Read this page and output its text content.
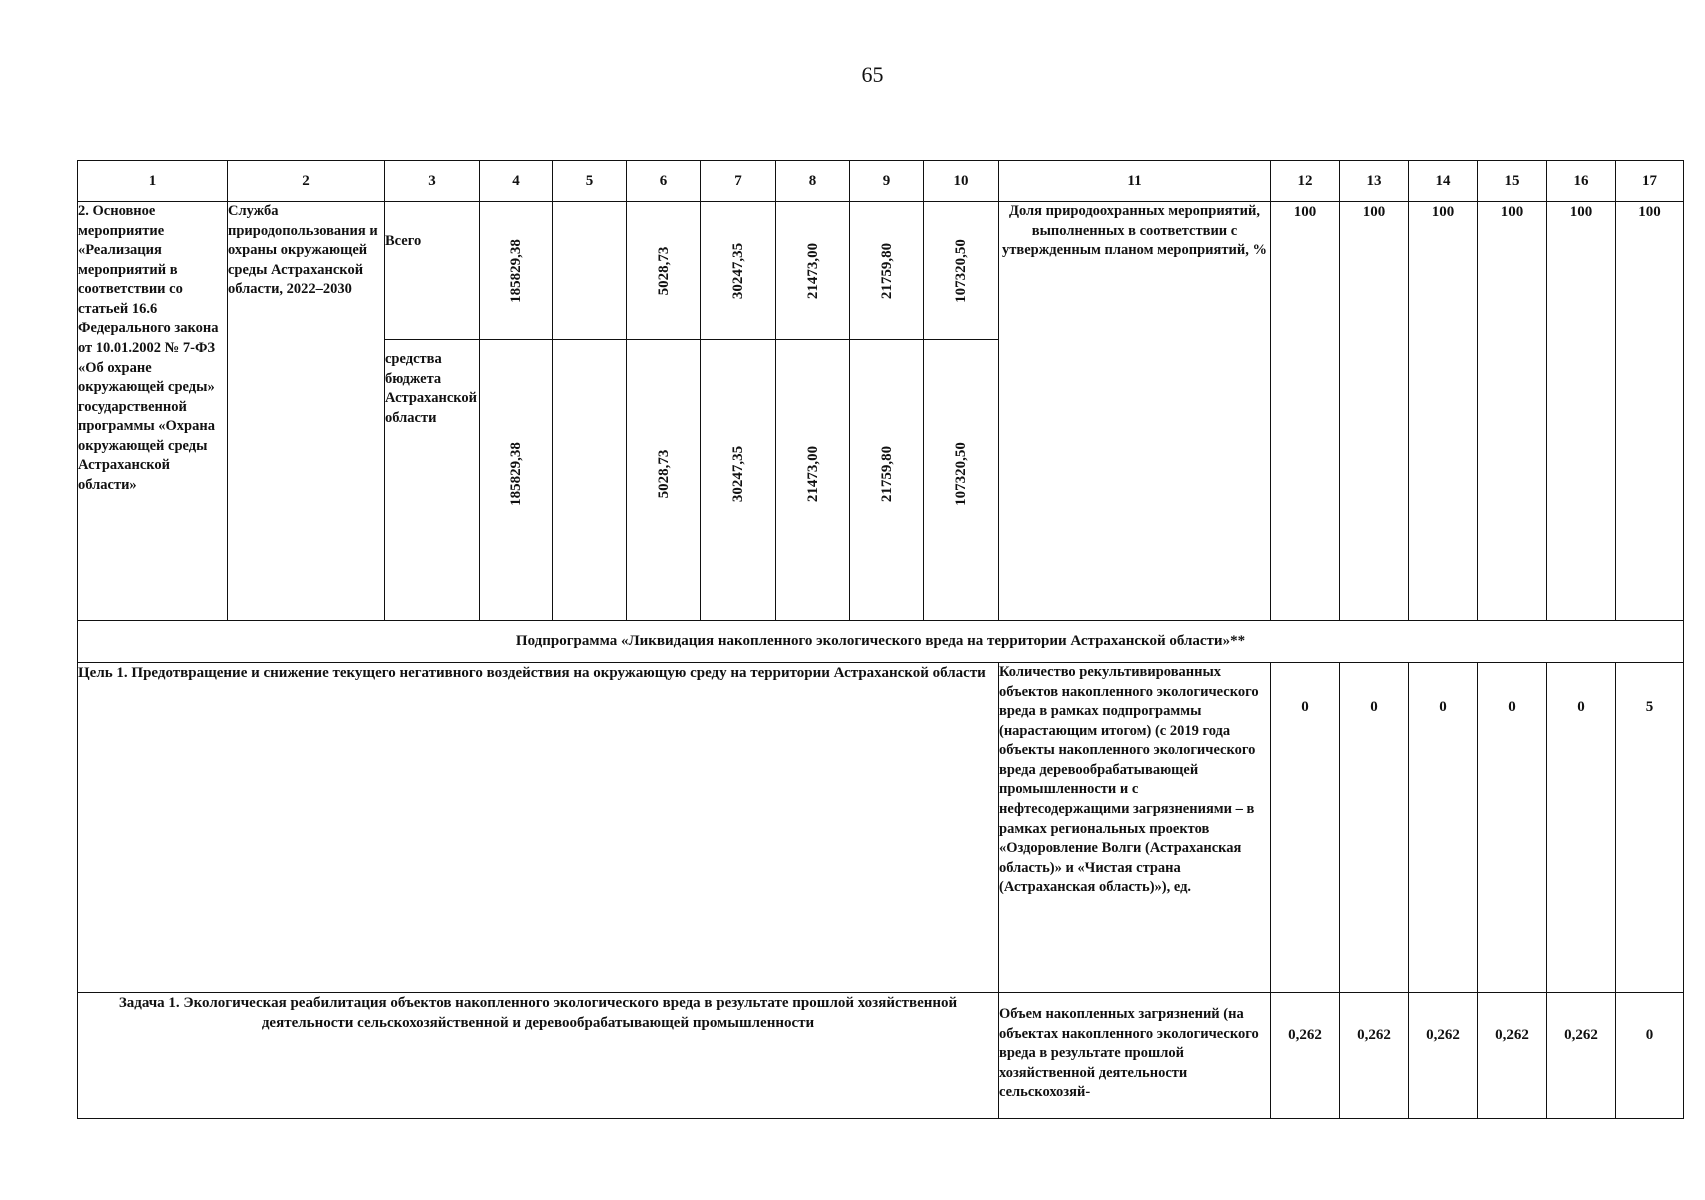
65
1	2	3	4	5	6	7	8	9	10	11	12	13	14	15	16	17
2. Основное мероприятие «Реализация мероприятий в соответствии со статьей 16.6 Федерального закона от 10.01.2002 № 7-ФЗ «Об охране окружающей среды» государственной программы «Охрана окружающей среды Астраханской области»	Служба природопользования и охраны окружающей среды Астраханской области, 2022–2030	Всего	185829,38		5028,73	30247,35	21473,00	21759,80	107320,50	Доля природоохранных мероприятий, выполненных в соответствии с утвержденным планом мероприятий, %	100	100	100	100	100	100
		средства бюджета Астраханской области	185829,38		5028,73	30247,35	21473,00	21759,80	107320,50							

Подпрограмма «Ликвидация накопленного экологического вреда на территории Астраханской области»**																
Цель 1. Предотвращение и снижение текущего негативного воздействия на окружающую среду на территории Астраханской области										Количество рекультивированных объектов накопленного экологического вреда в рамках подпрограммы (нарастающим итогом) (с 2019 года объекты накопленного экологического вреда деревообрабатывающей промышленности и с нефтесодержащими загрязнениями – в рамках региональных проектов «Оздоровление Волги (Астраханская область)» и «Чистая страна (Астраханская область)»), ед.	0	0	0	0	0	5
Задача 1. Экологическая реабилитация объектов накопленного экологического вреда в результате прошлой хозяйственной деятельности сельскохозяйственной и деревообрабатывающей промышленности										Объем накопленных загрязнений (на объектах накопленного экологического вреда в результате прошлой хозяйственной деятельности сельскохозяй-	0,262	0,262	0,262	0,262	0,262	0
